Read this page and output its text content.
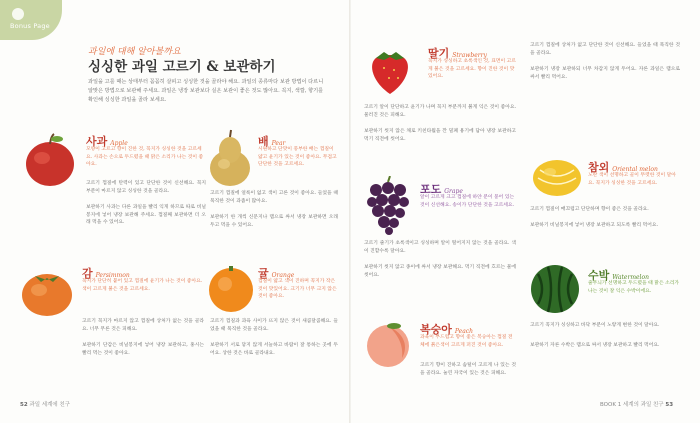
Bonus Page
과일에 대해 알아볼까요
싱싱한 과일 고르기 & 보관하기
과일을 고를 때는 상태부터 꼼꼼히 살피고 싱싱한 것을 골라야 해요. 과일의 종류마다 보관 방법이 다르니 알맞은 방법으로 보관해 주세요. 과일은 냉장 보관보다 실온 보관이 좋은 것도 많아요. 꼭지, 색깔, 향기를 확인해 싱싱한 과일을 골라 보세요.
사과 Apple
모양이 고르고 향이 진한 것, 꼭지가 싱싱한 것을 고르세요. 사과는 손으로 두드렸을 때 맑은 소리가 나는 것이 좋아요.
고르기 껍질에 탄력이 있고 단단한 것이 신선해요. 꼭지 부분이 마르지 않고 싱싱한 것을 골라요.
보관하기 사과는 다른 과일을 빨리 익게 하므로 따로 비닐봉지에 넣어 냉장 보관해 주세요. 껍질째 보관하면 더 오래 먹을 수 있어요.
배 Pear
시원하고 단맛이 풍부한 배는 껍질이 얇고 윤기가 있는 것이 좋아요. 무겁고 단단한 것을 고르세요.
고르기 껍질에 얼룩이 없고 색이 고른 것이 좋아요. 들었을 때 묵직한 것이 과즙이 많아요.
보관하기 한 개씩 신문지나 랩으로 싸서 냉장 보관하면 오래 두고 먹을 수 있어요.
감 Persimmon
꼭지가 단단히 붙어 있고 껍질에 윤기가 나는 것이 좋아요. 색이 고르게 붉은 것을 고르세요.
고르기 꼭지가 마르지 않고 껍질에 상처가 없는 것을 골라요. 너무 무른 것은 피해요.
보관하기 단감은 비닐봉지에 넣어 냉장 보관하고, 홍시는 빨리 먹는 것이 좋아요.
귤 Orange
껍질이 얇고 색이 진하며 꼭지가 작은 것이 맛있어요. 크기가 너무 크지 않은 것이 좋아요.
고르기 껍질과 과육 사이가 뜨지 않은 것이 새콤달콤해요. 들었을 때 묵직한 것을 골라요.
보관하기 서로 닿지 않게 서늘하고 바람이 잘 통하는 곳에 두어요. 상한 것은 바로 골라내요.
딸기 Strawberry
꼭지가 싱싱하고 초록색인 것, 표면이 고르게 붉은 것을 고르세요. 향이 진한 것이 맛있어요.
고르기 알이 단단하고 윤기가 나며 꼭지 부분까지 붉게 익은 것이 좋아요. 물러진 것은 피해요.
보관하기 씻지 않은 채로 키친타월을 깐 밀폐 용기에 담아 냉장 보관하고 먹기 직전에 씻어요.
포도 Grape
알이 고르게 크고 껍질에 하얀 분이 묻어 있는 것이 신선해요. 송이가 단단한 것을 고르세요.
고르기 줄기가 초록색이고 싱싱하며 알이 떨어지지 않는 것을 골라요. 색이 진할수록 달아요.
보관하기 씻지 않고 종이에 싸서 냉장 보관해요. 먹기 직전에 흐르는 물에 씻어요.
복숭아 Peach
과육이 부드럽고 향이 좋은 복숭아는 껍질 전체에 붉은색이 고르게 퍼진 것이 좋아요.
고르기 향이 진하고 솜털이 고르게 나 있는 것을 골라요. 눌린 자국이 있는 것은 피해요.
고르기 껍질에 상처가 없고 단단한 것이 신선해요. 들었을 때 묵직한 것을 골라요.
보관하기 냉장 보관하되 너무 차갑지 않게 두어요. 자른 과일은 랩으로 싸서 빨리 먹어요.
참외 Oriental melon
노란 색이 선명하고 골이 뚜렷한 것이 달아요. 꼭지가 싱싱한 것을 고르세요.
고르기 껍질이 매끄럽고 단단하며 향이 좋은 것을 골라요.
보관하기 비닐봉지에 넣어 냉장 보관하고 되도록 빨리 먹어요.
수박 Watermelon
줄무늬가 선명하고 두드렸을 때 맑은 소리가 나는 것이 잘 익은 수박이에요.
고르기 꼭지가 싱싱하고 바닥 부분이 노랗게 변한 것이 달아요.
보관하기 자른 수박은 랩으로 싸서 냉장 보관하고 빨리 먹어요.
52 과일 세계에 친구	BOOK 1 세계의 과일 친구 53
